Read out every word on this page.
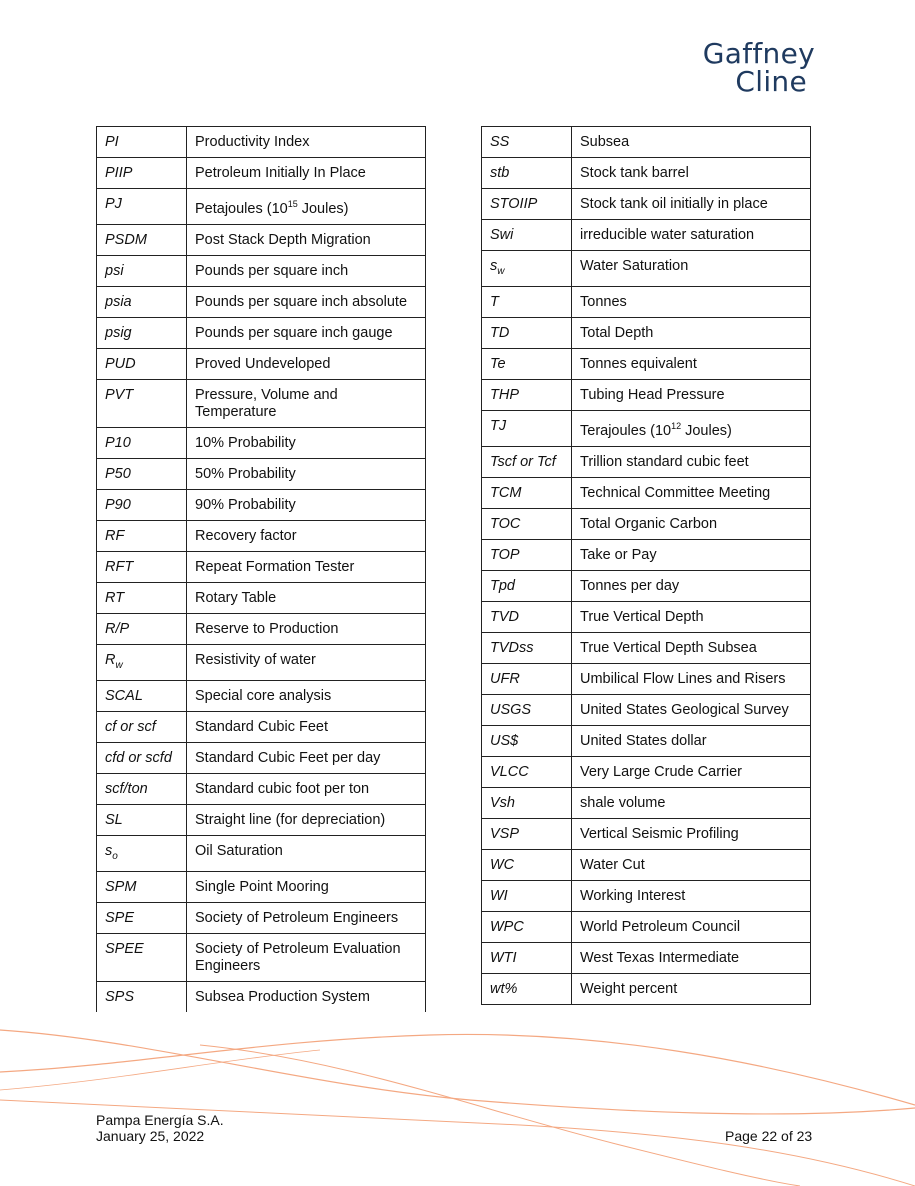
Gaffney
Cline
PI	Productivity Index
PIIP	Petroleum Initially In Place
PJ	Petajoules ($10^{15}$ Joules)
PSDM	Post Stack Depth Migration
psi	Pounds per square inch
psia	Pounds per square inch absolute
psig	Pounds per square inch gauge
PUD	Proved Undeveloped
PVT	Pressure, Volume and Temperature
P10	10% Probability
P50	50% Probability
P90	90% Probability
RF	Recovery factor
RFT	Repeat Formation Tester
RT	Rotary Table
R/P	Reserve to Production
$R_w$	Resistivity of water
SCAL	Special core analysis
cf or scf	Standard Cubic Feet
cfd or scfd	Standard Cubic Feet per day
scf/ton	Standard cubic foot per ton
SL	Straight line (for depreciation)
$s_o$	Oil Saturation
SPM	Single Point Mooring
SPE	Society of Petroleum Engineers
SPEE	Society of Petroleum Evaluation Engineers
SPS	Subsea Production System
SS	Subsea
stb	Stock tank barrel
STOIIP	Stock tank oil initially in place
Swi	irreducible water saturation
$s_w$	Water Saturation
T	Tonnes
TD	Total Depth
Te	Tonnes equivalent
THP	Tubing Head Pressure
TJ	Terajoules ($10^{12}$ Joules)
Tscf or Tcf	Trillion standard cubic feet
TCM	Technical Committee Meeting
TOC	Total Organic Carbon
TOP	Take or Pay
Tpd	Tonnes per day
TVD	True Vertical Depth
TVDss	True Vertical Depth Subsea
UFR	Umbilical Flow Lines and Risers
USGS	United States Geological Survey
US$	United States dollar
VLCC	Very Large Crude Carrier
Vsh	shale volume
VSP	Vertical Seismic Profiling
WC	Water Cut
WI	Working Interest
WPC	World Petroleum Council
WTI	West Texas Intermediate
wt%	Weight percent
Pampa Energía S.A.
January 25, 2022	Page 22 of 23
